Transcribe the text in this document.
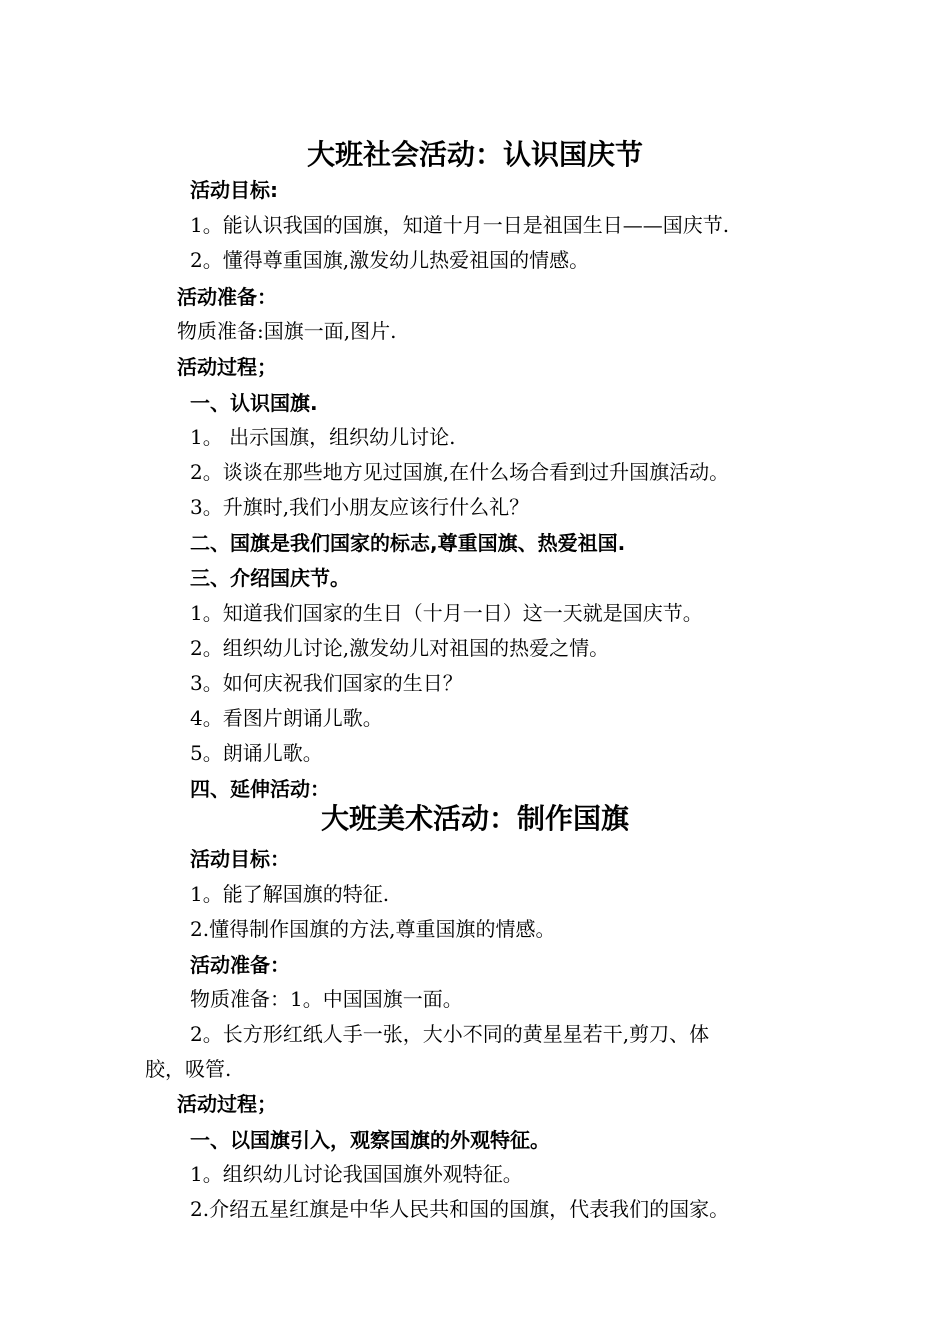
大班社会活动：认识国庆节
活动目标:
1。能认识我国的国旗，知道十月一日是祖国生日——国庆节.
2。懂得尊重国旗,激发幼儿热爱祖国的情感。
活动准备：
物质准备:国旗一面,图片.
活动过程；
一、认识国旗.
1。 出示国旗，组织幼儿讨论.
2。谈谈在那些地方见过国旗,在什么场合看到过升国旗活动。
3。升旗时,我们小朋友应该行什么礼？
二、国旗是我们国家的标志,尊重国旗、热爱祖国.
三、介绍国庆节。
1。知道我们国家的生日（十月一日）这一天就是国庆节。
2。组织幼儿讨论,激发幼儿对祖国的热爱之情。
3。如何庆祝我们国家的生日？
4。看图片朗诵儿歌。
5。朗诵儿歌。
四、延伸活动：
大班美术活动：制作国旗
活动目标：
1。能了解国旗的特征.
2.懂得制作国旗的方法,尊重国旗的情感。
活动准备：
物质准备：1。中国国旗一面。
2。长方形红纸人手一张，大小不同的黄星星若干,剪刀、体
胶，吸管.
活动过程；
一、以国旗引入，观察国旗的外观特征。
1。组织幼儿讨论我国国旗外观特征。
2.介绍五星红旗是中华人民共和国的国旗，代表我们的国家。
